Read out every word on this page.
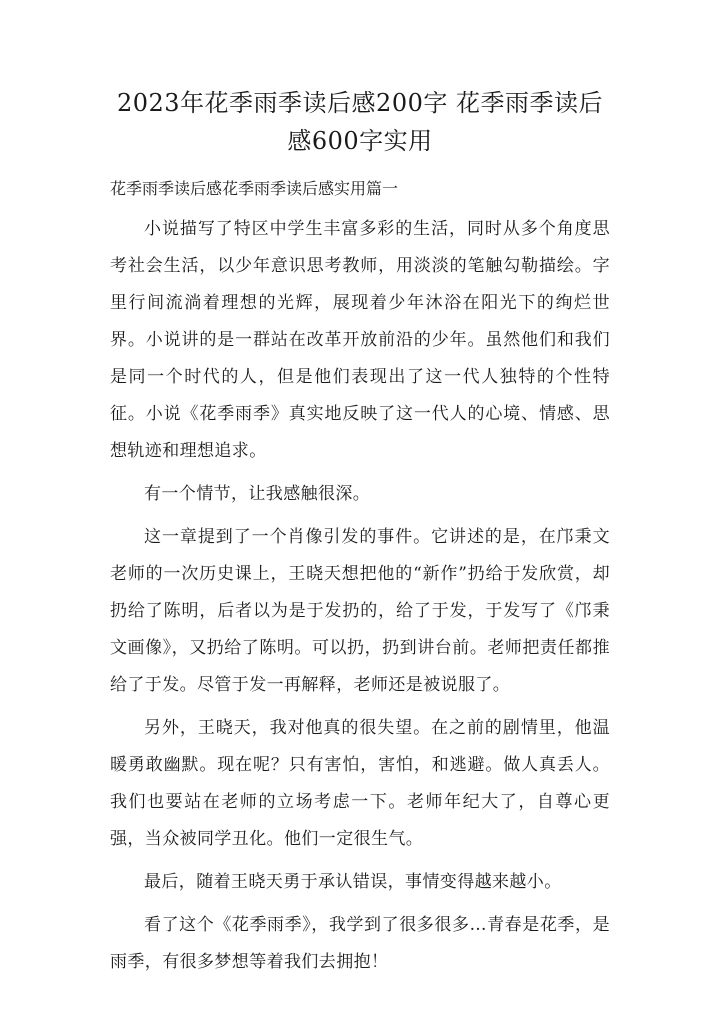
2023年花季雨季读后感200字 花季雨季读后
感600字实用
花季雨季读后感花季雨季读后感实用篇一

小说描写了特区中学生丰富多彩的生活，同时从多个角度思考社会生活，以少年意识思考教师，用淡淡的笔触勾勒描绘。字里行间流淌着理想的光辉，展现着少年沐浴在阳光下的绚烂世界。小说讲的是一群站在改革开放前沿的少年。虽然他们和我们是同一个时代的人，但是他们表现出了这一代人独特的个性特征。小说《花季雨季》真实地反映了这一代人的心境、情感、思想轨迹和理想追求。

有一个情节，让我感触很深。

这一章提到了一个肖像引发的事件。它讲述的是，在邝秉文老师的一次历史课上，王晓天想把他的“新作”扔给于发欣赏，却扔给了陈明，后者以为是于发扔的，给了于发，于发写了《邝秉文画像》，又扔给了陈明。可以扔，扔到讲台前。老师把责任都推给了于发。尽管于发一再解释，老师还是被说服了。

另外，王晓天，我对他真的很失望。在之前的剧情里，他温暖勇敢幽默。现在呢？只有害怕，害怕，和逃避。做人真丢人。我们也要站在老师的立场考虑一下。老师年纪大了，自尊心更强，当众被同学丑化。他们一定很生气。

最后，随着王晓天勇于承认错误，事情变得越来越小。

看了这个《花季雨季》，我学到了很多很多…青春是花季，是雨季，有很多梦想等着我们去拥抱！
